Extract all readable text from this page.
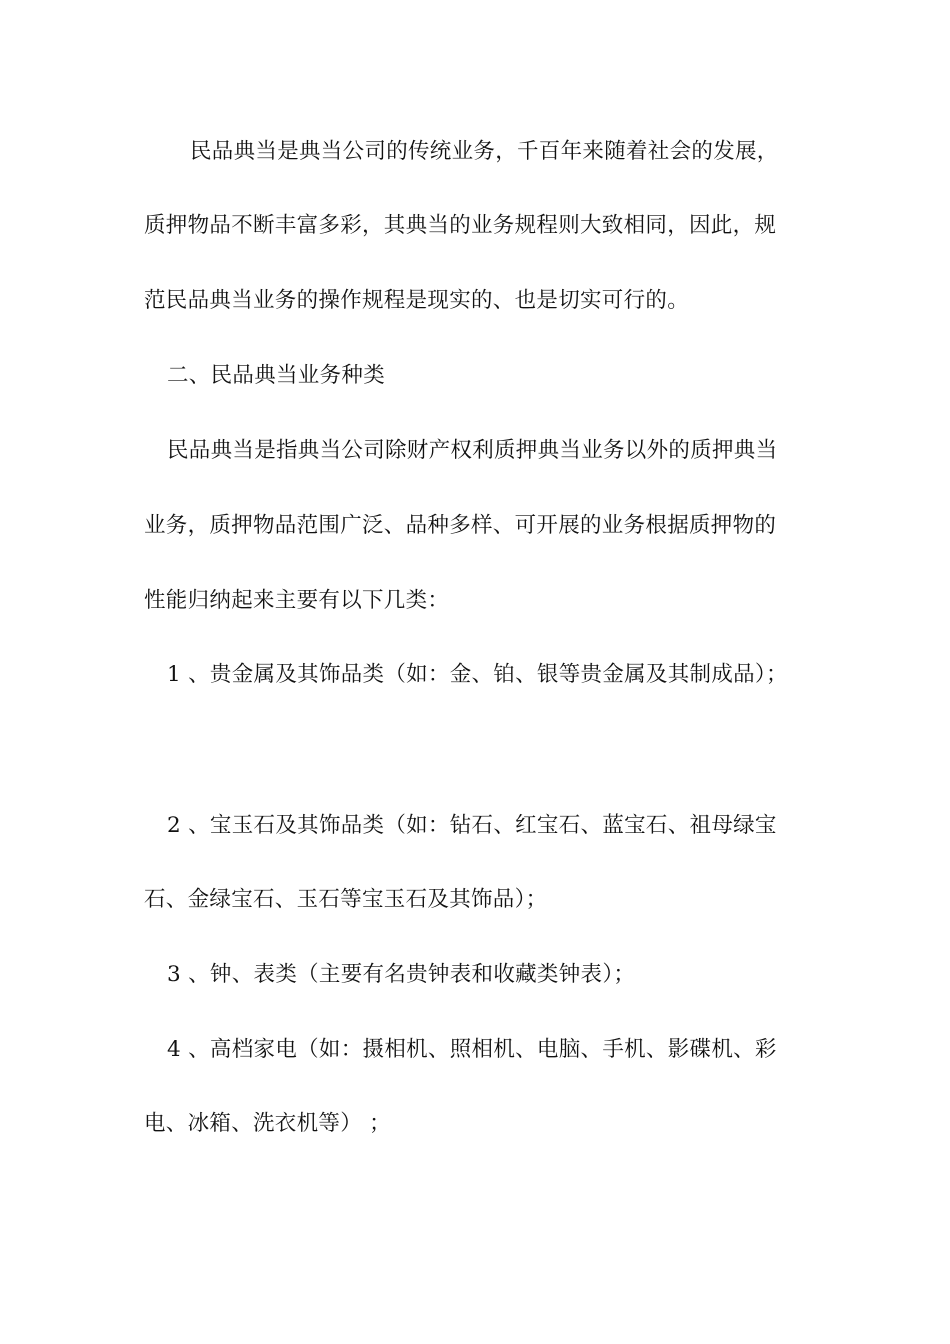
民品典当是典当公司的传统业务，千百年来随着社会的发展，
质押物品不断丰富多彩，其典当的业务规程则大致相同，因此，规
范民品典当业务的操作规程是现实的、也是切实可行的。
二、民品典当业务种类
民品典当是指典当公司除财产权利质押典当业务以外的质押典当
业务，质押物品范围广泛、品种多样、可开展的业务根据质押物的
性能归纳起来主要有以下几类：
1 、贵金属及其饰品类（如：金、铂、银等贵金属及其制成品）；
2 、宝玉石及其饰品类（如：钻石、红宝石、蓝宝石、祖母绿宝
石、金绿宝石、玉石等宝玉石及其饰品）；
3 、钟、表类（主要有名贵钟表和收藏类钟表）；
4 、高档家电（如：摄相机、照相机、电脑、手机、影碟机、彩
电、冰箱、洗衣机等） ；
